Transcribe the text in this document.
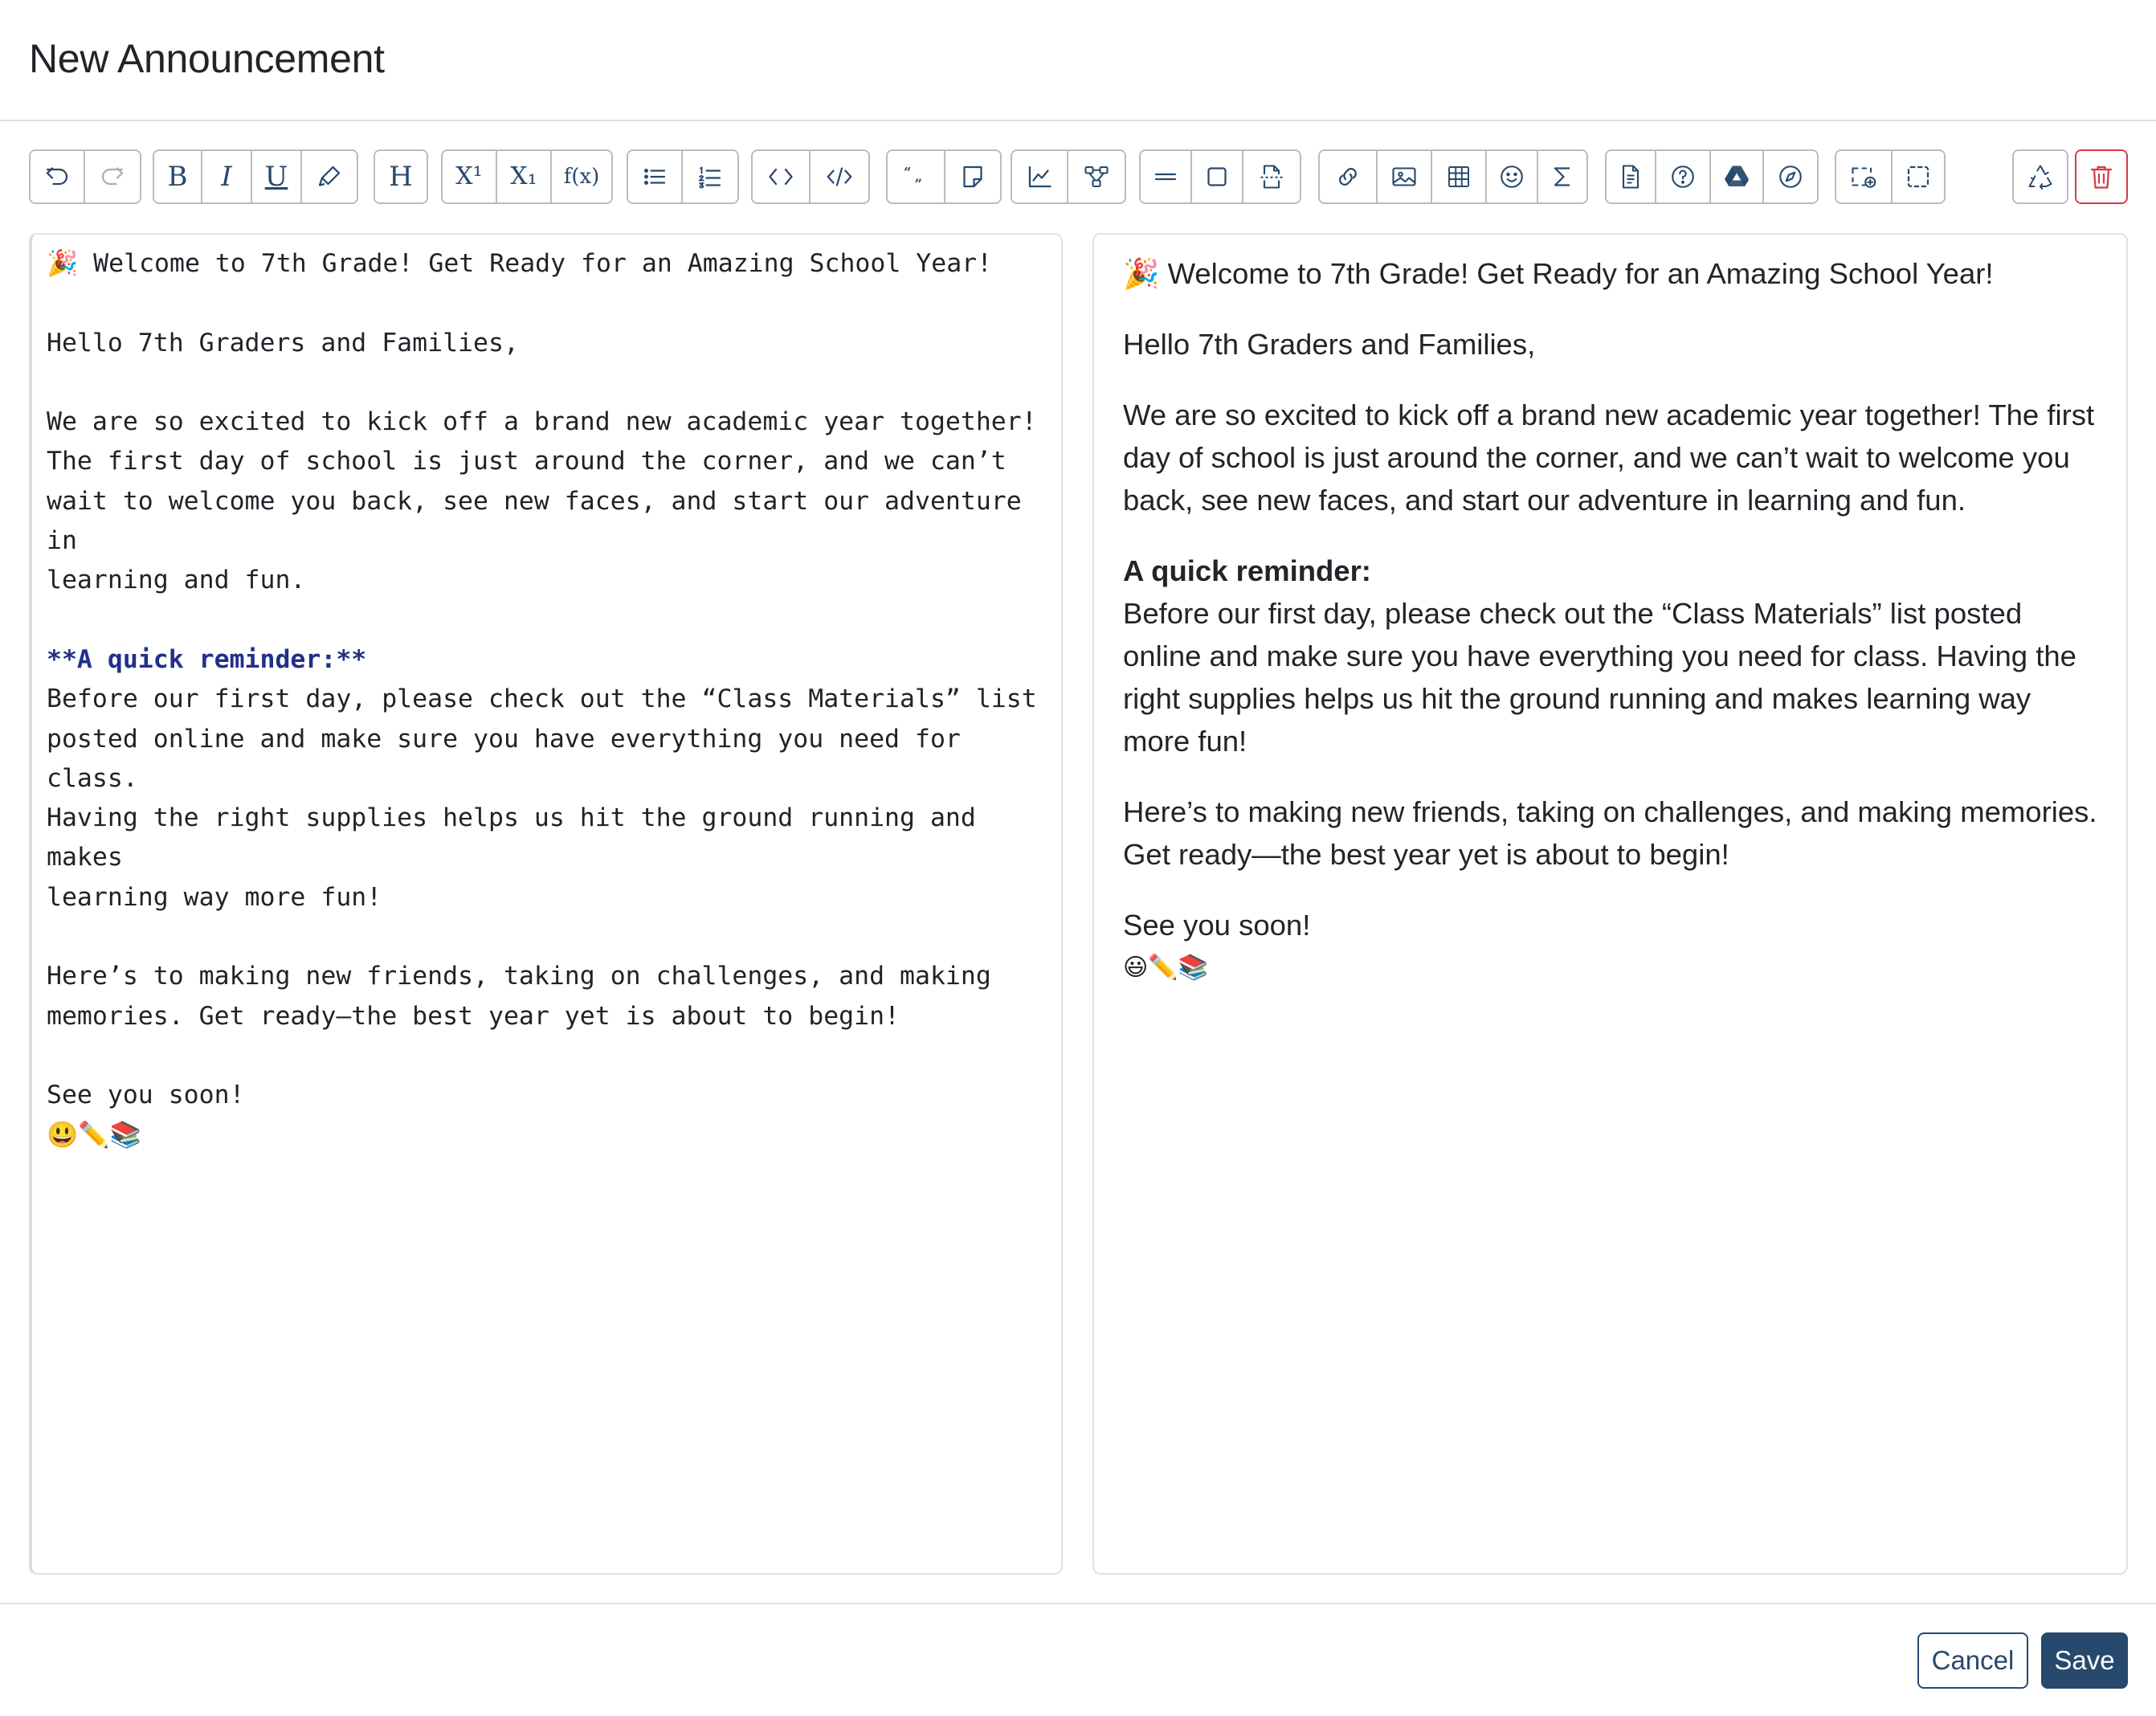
New Announcement
B I U	H X¹ X₁ f(x)	“
”
🎉 Welcome to 7th Grade! Get Ready for an Amazing School Year!
Hello 7th Graders and Families,
We are so excited to kick off a brand new academic year together!
The first day of school is just around the corner, and we can’t
wait to welcome you back, see new faces, and start our adventure in
learning and fun.
**A quick reminder:**
Before our first day, please check out the “Class Materials” list
posted online and make sure you have everything you need for class.
Having the right supplies helps us hit the ground running and makes
learning way more fun!
Here’s to making new friends, taking on challenges, and making
memories. Get ready—the best year yet is about to begin!
See you soon!
😃✏️📚

🎉 Welcome to 7th Grade! Get Ready for an Amazing School Year!

Hello 7th Graders and Families,

We are so excited to kick off a brand new academic year together! The first day of school is just around the corner, and we can’t wait to welcome you back, see new faces, and start our adventure in learning and fun.

A quick reminder:
Before our first day, please check out the “Class Materials” list posted online and make sure you have everything you need for class. Having the right supplies helps us hit the ground running and makes learning way more fun!

Here’s to making new friends, taking on challenges, and making memories. Get ready—the best year yet is about to begin!

See you soon!
😃✏️📚

Cancel	Save
